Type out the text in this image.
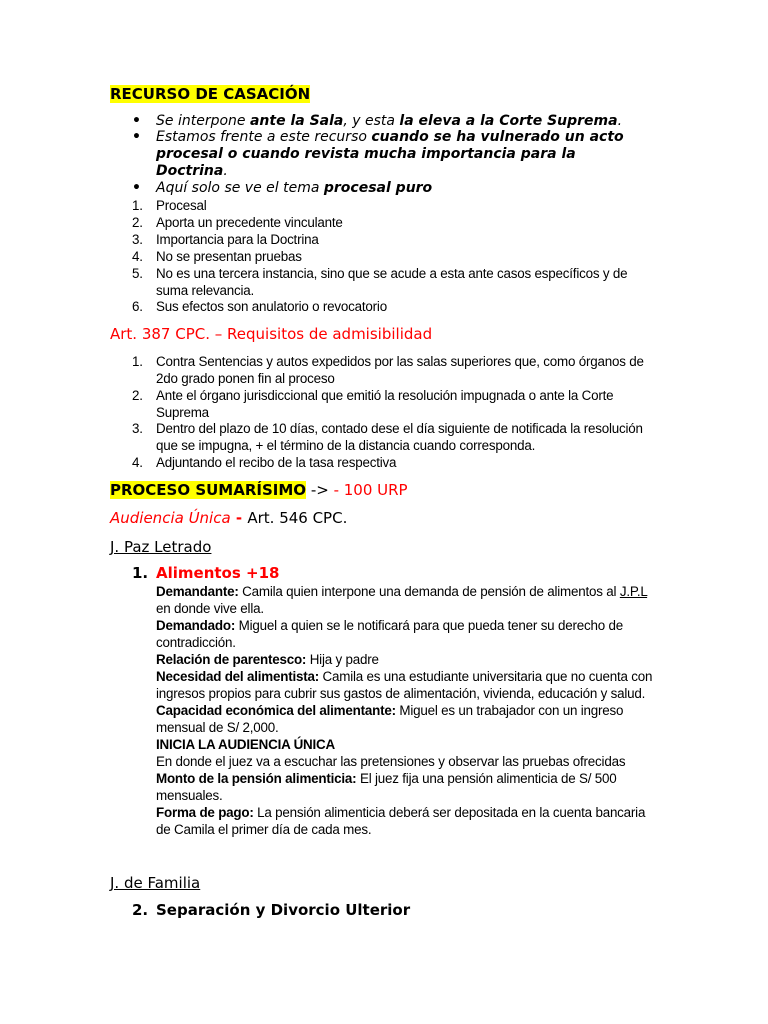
RECURSO DE CASACIÓN
• Se interpone ante la Sala, y esta la eleva a la Corte Suprema.
• Estamos frente a este recurso cuando se ha vulnerado un acto procesal o cuando revista mucha importancia para la Doctrina.
• Aquí solo se ve el tema procesal puro
1. Procesal
2. Aporta un precedente vinculante
3. Importancia para la Doctrina
4. No se presentan pruebas
5. No es una tercera instancia, sino que se acude a esta ante casos específicos y de suma relevancia.
6. Sus efectos son anulatorio o revocatorio
Art. 387 CPC. – Requisitos de admisibilidad
1. Contra Sentencias y autos expedidos por las salas superiores que, como órganos de 2do grado ponen fin al proceso
2. Ante el órgano jurisdiccional que emitió la resolución impugnada o ante la Corte Suprema
3. Dentro del plazo de 10 días, contado dese el día siguiente de notificada la resolución que se impugna, + el término de la distancia cuando corresponda.
4. Adjuntando el recibo de la tasa respectiva
PROCESO SUMARÍSIMO -> - 100 URP
Audiencia Única - Art. 546 CPC.
J. Paz Letrado
1. Alimentos +18
Demandante: Camila quien interpone una demanda de pensión de alimentos al J.P.L en donde vive ella.
Demandado: Miguel a quien se le notificará para que pueda tener su derecho de contradicción.
Relación de parentesco: Hija y padre
Necesidad del alimentista: Camila es una estudiante universitaria que no cuenta con ingresos propios para cubrir sus gastos de alimentación, vivienda, educación y salud.
Capacidad económica del alimentante: Miguel es un trabajador con un ingreso mensual de S/ 2,000.
INICIA LA AUDIENCIA ÚNICA
En donde el juez va a escuchar las pretensiones y observar las pruebas ofrecidas
Monto de la pensión alimenticia: El juez fija una pensión alimenticia de S/ 500 mensuales.
Forma de pago: La pensión alimenticia deberá ser depositada en la cuenta bancaria de Camila el primer día de cada mes.
J. de Familia
2. Separación y Divorcio Ulterior
